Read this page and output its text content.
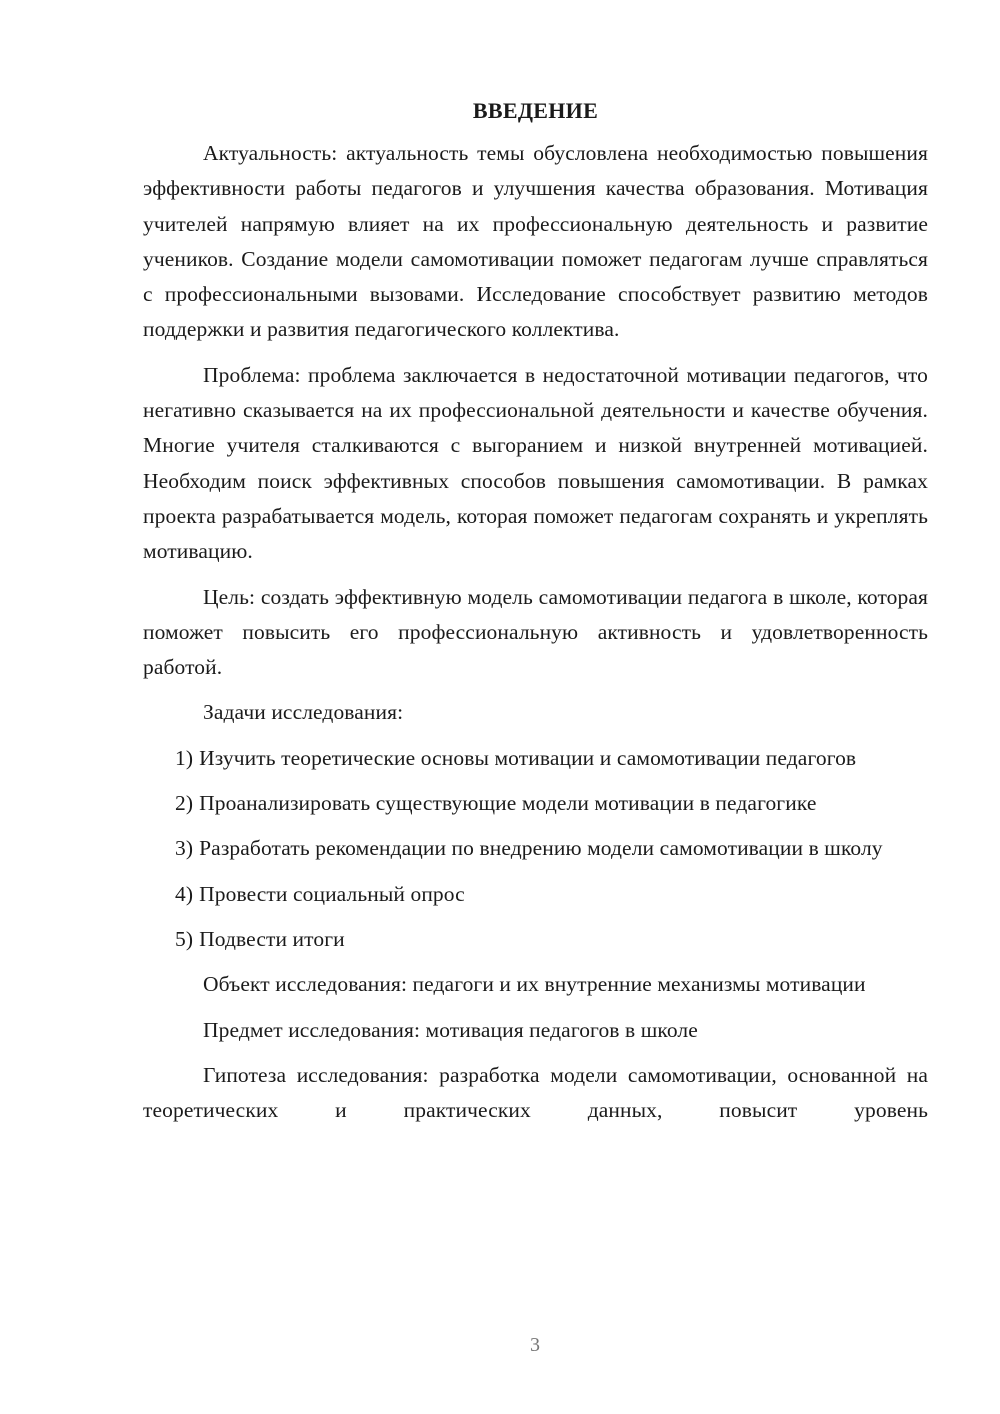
ВВЕДЕНИЕ

Актуальность: актуальность темы обусловлена необходимостью повышения эффективности работы педагогов и улучшения качества образования. Мотивация учителей напрямую влияет на их профессиональную деятельность и развитие учеников. Создание модели самомотивации поможет педагогам лучше справляться с профессиональными вызовами. Исследование способствует развитию методов поддержки и развития педагогического коллектива.

Проблема: проблема заключается в недостаточной мотивации педагогов, что негативно сказывается на их профессиональной деятельности и качестве обучения. Многие учителя сталкиваются с выгоранием и низкой внутренней мотивацией. Необходим поиск эффективных способов повышения самомотивации. В рамках проекта разрабатывается модель, которая поможет педагогам сохранять и укреплять мотивацию.

Цель: создать эффективную модель самомотивации педагога в школе, которая поможет повысить его профессиональную активность и удовлетворенность работой.

Задачи исследования:

1) Изучить теоретические основы мотивации и самомотивации педагогов

2) Проанализировать существующие модели мотивации в педагогике

3) Разработать рекомендации по внедрению модели самомотивации в школу

4) Провести социальный опрос

5) Подвести итоги

Объект исследования: педагоги и их внутренние механизмы мотивации

Предмет исследования: мотивация педагогов в школе

Гипотеза исследования: разработка модели самомотивации, основанной на теоретических и практических данных, повысит уровень

3
